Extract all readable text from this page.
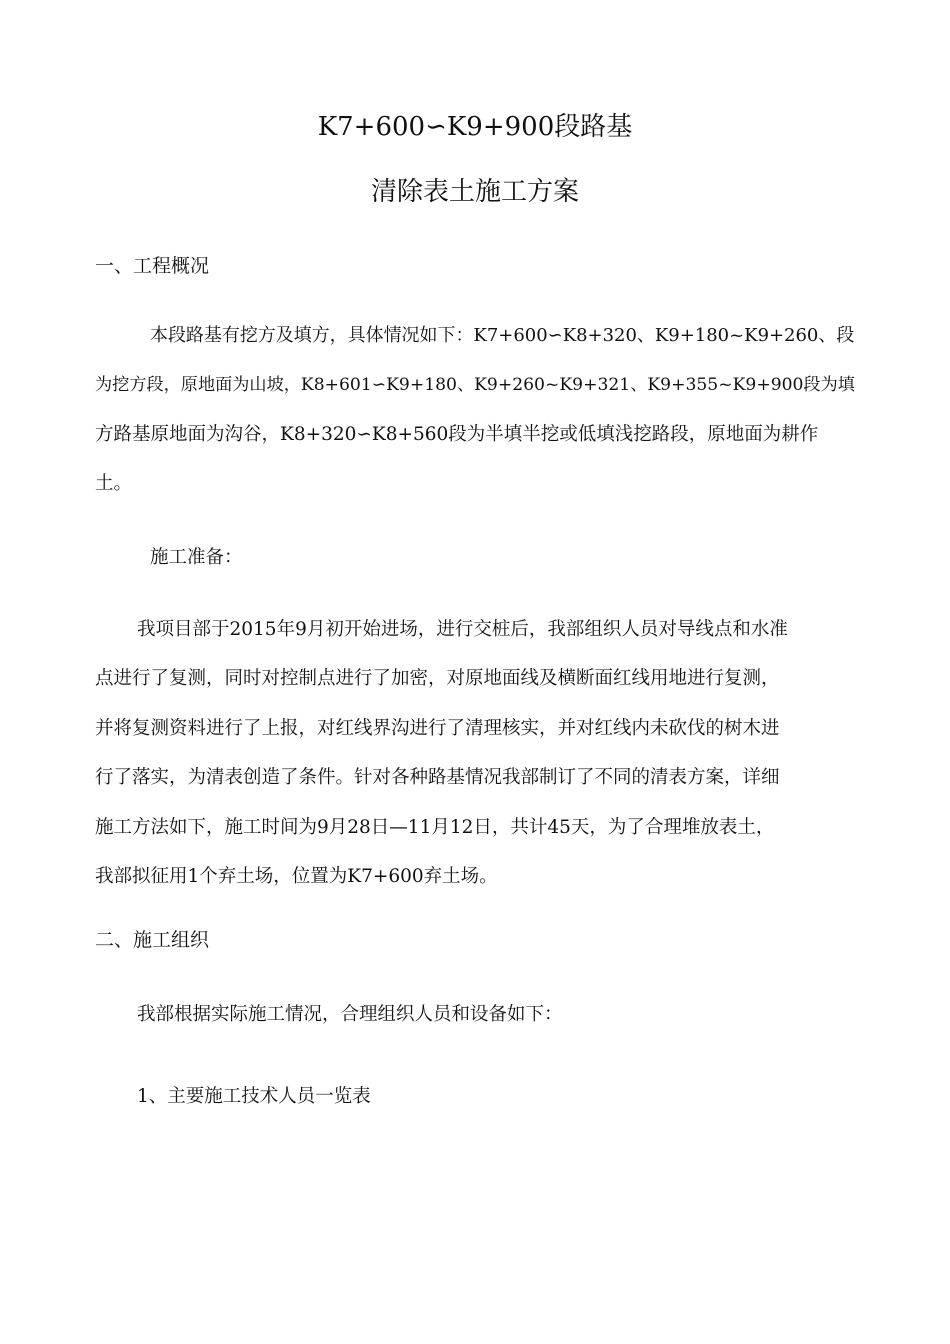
K7+600∽K9+900段路基
清除表土施工方案
一、工程概况
本段路基有挖方及填方，具体情况如下：K7+600∽K8+320、K9+180~K9+260、段
为挖方段，原地面为山坡，K8+601∽K9+180、K9+260~K9+321、K9+355~K9+900段为填
方路基原地面为沟谷，K8+320∽K8+560段为半填半挖或低填浅挖路段，原地面为耕作
土。
施工准备：
我项目部于2015年9月初开始进场，进行交桩后，我部组织人员对导线点和水准
点进行了复测，同时对控制点进行了加密，对原地面线及横断面红线用地进行复测，
并将复测资料进行了上报，对红线界沟进行了清理核实，并对红线内未砍伐的树木进
行了落实，为清表创造了条件。针对各种路基情况我部制订了不同的清表方案，详细
施工方法如下，施工时间为9月28日—11月12日，共计45天，为了合理堆放表土，
我部拟征用1个弃土场，位置为K7+600弃土场。
二、施工组织
我部根据实际施工情况，合理组织人员和设备如下：
1、主要施工技术人员一览表
